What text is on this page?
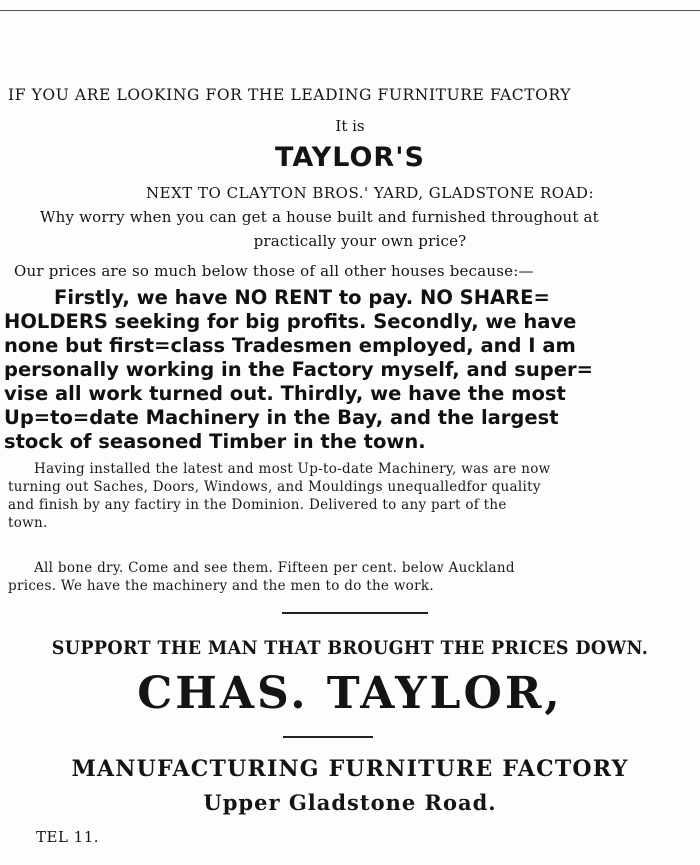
IF YOU ARE LOOKING FOR THE LEADING FURNITURE FACTORY
It is
TAYLOR'S
NEXT TO CLAYTON BROS.' YARD, GLADSTONE ROAD:
Why worry when you can get a house built and furnished throughout at
practically your own price?
Our prices are so much below those of all other houses because:—
Firstly, we have NO RENT to pay. NO SHARE=
HOLDERS seeking for big profits. Secondly, we have
none but first=class Tradesmen employed, and I am
personally working in the Factory myself, and super=
vise all work turned out. Thirdly, we have the most
Up=to=date Machinery in the Bay, and the largest
stock of seasoned Timber in the town.
Having installed the latest and most Up-to-date Machinery, was are now
turning out Saches, Doors, Windows, and Mouldings unequalledfor quality
and finish by any factiry in the Dominion. Delivered to any part of the
town.
All bone dry. Come and see them. Fifteen per cent. below Auckland
prices. We have the machinery and the men to do the work.
SUPPORT THE MAN THAT BROUGHT THE PRICES DOWN.
CHAS. TAYLOR,
MANUFACTURING FURNITURE FACTORY
Upper Gladstone Road.
TEL 11.
